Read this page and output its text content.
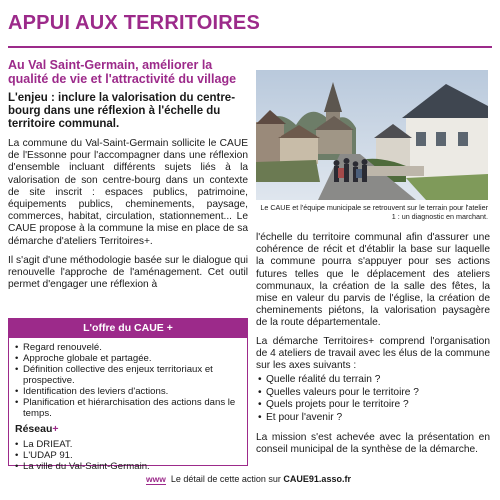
APPUI AUX TERRITOIRES
Au Val Saint-Germain, améliorer la qualité de vie et l'attractivité du village
L'enjeu : inclure la valorisation du centre-bourg dans une réflexion à l'échelle du territoire communal.

La commune du Val-Saint-Germain sollicite le CAUE de l'Essonne pour l'accompagner dans une réflexion d'ensemble incluant différents sujets liés à la valorisation de son centre-bourg dans un contexte de site inscrit : espaces publics, patrimoine, équipements publics, cheminements, paysage, commerces, habitat, circulation, stationnement... Le CAUE propose à la commune la mise en place de sa démarche d'ateliers Territoires+.

Il s'agit d'une méthodologie basée sur le dialogue qui renouvelle l'approche de l'aménagement. Cet outil permet d'engager une réflexion à

L'offre du CAUE +
• Regard renouvelé.
• Approche globale et partagée.
• Définition collective des enjeux territoriaux et prospective.
• Identification des leviers d'actions.
• Planification et hiérarchisation des actions dans le temps.
Réseau+
• La DRIEAT.
• L'UDAP 91.
• La ville du Val-Saint-Germain.
Le CAUE et l'équipe municipale se retrouvent sur le terrain pour l'atelier 1 : un diagnostic en marchant.

l'échelle du territoire communal afin d'assurer une cohérence de récit et d'établir la base sur laquelle la commune pourra s'appuyer pour ses actions futures telles que le déplacement des ateliers communaux, la création de la salle des fêtes, la mise en valeur du parvis de l'église, la création de cheminements piétons, la valorisation paysagère de la route départementale.

La démarche Territoires+ comprend l'organisation de 4 ateliers de travail avec les élus de la commune sur les axes suivants :

• Quelle réalité du terrain ?
• Quelles valeurs pour le territoire ?
• Quels projets pour le territoire ?
• Et pour l'avenir ?

La mission s'est achevée avec la présentation en conseil municipal de la synthèse de la démarche.

www Le détail de cette action sur CAUE91.asso.fr
